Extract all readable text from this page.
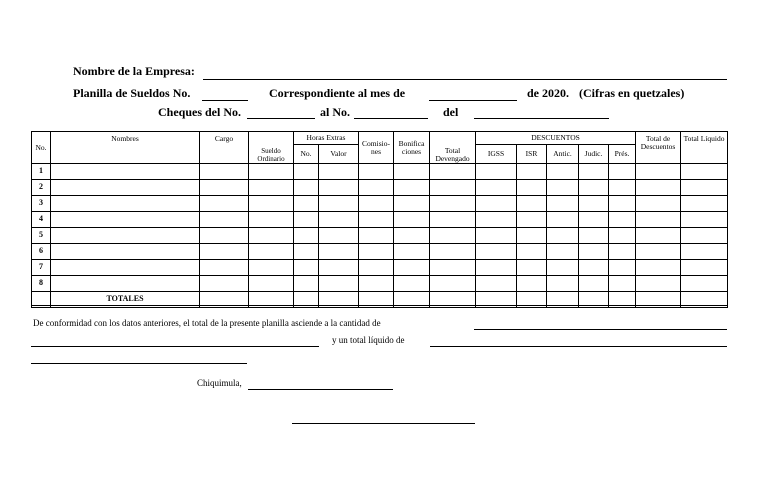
Nombre de la Empresa:
Planilla de Sueldos No.	Correspondiente al mes de	de 2020. (Cifras en quetzales)
Cheques del No.	al No.	del
No.	Nombres	Cargo	Sueldo Ordinario	Horas Extras		Comisio-nes	Bonifica ciones	Total Devengado	DESCUENTOS					Total de Descuentos	Total Líquido
				No.	Valor				IGSS	ISR	Antic.	Judic.	Prés.		
1															
2															
3															
4															
5															
6															
7															
8															
	TOTALES														
De conformidad con los datos anteriores, el total de la presente planilla asciende a la cantidad de
y un total líquido de
Chiquimula,
